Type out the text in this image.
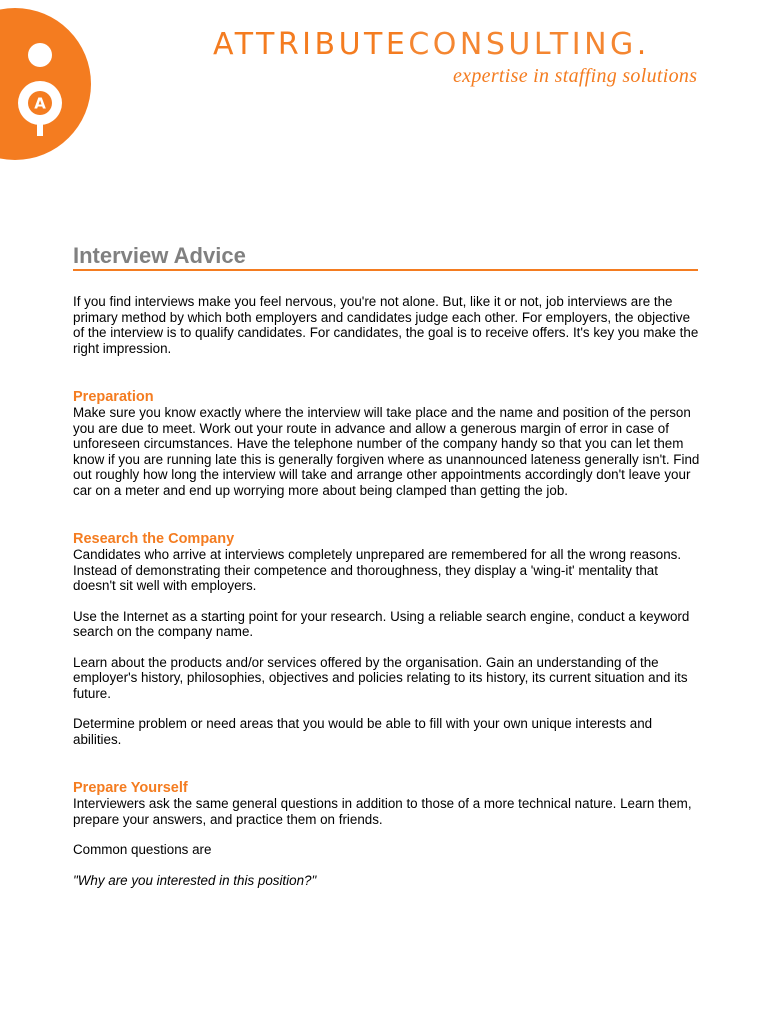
A
ATTRIBUTECONSULTING.
expertise in staffing solutions
Interview Advice

If you find interviews make you feel nervous, you're not alone. But, like it or not, job interviews are the primary method by which both employers and candidates judge each other. For employers, the objective of the interview is to qualify candidates. For candidates, the goal is to receive offers. It's key you make the right impression.

Preparation

Make sure you know exactly where the interview will take place and the name and position of the person you are due to meet. Work out your route in advance and allow a generous margin of error in case of unforeseen circumstances. Have the telephone number of the company handy so that you can let them know if you are running late this is generally forgiven where as unannounced lateness generally isn't. Find out roughly how long the interview will take and arrange other appointments accordingly don't leave your car on a meter and end up worrying more about being clamped than getting the job.

Research the Company

Candidates who arrive at interviews completely unprepared are remembered for all the wrong reasons. Instead of demonstrating their competence and thoroughness, they display a 'wing-it' mentality that doesn't sit well with employers.

Use the Internet as a starting point for your research. Using a reliable search engine, conduct a keyword search on the company name.

Learn about the products and/or services offered by the organisation. Gain an understanding of the employer's history, philosophies, objectives and policies relating to its history, its current situation and its future.

Determine problem or need areas that you would be able to fill with your own unique interests and abilities.

Prepare Yourself

Interviewers ask the same general questions in addition to those of a more technical nature. Learn them, prepare your answers, and practice them on friends.

Common questions are

"Why are you interested in this position?"
